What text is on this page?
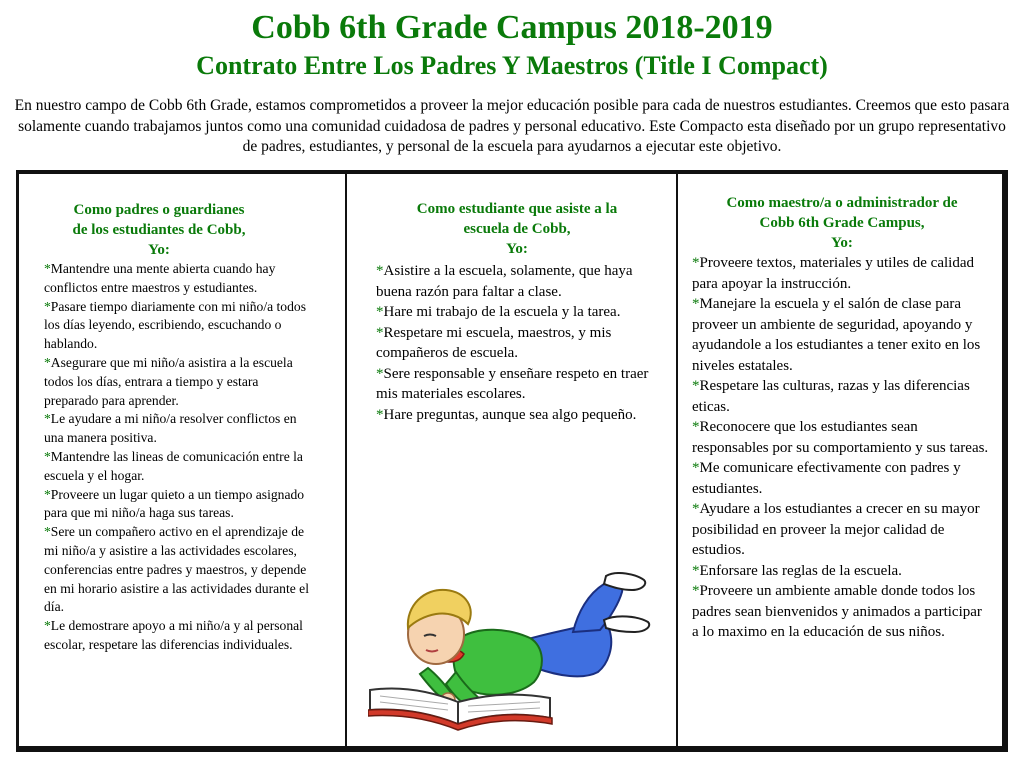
Cobb 6th Grade Campus 2018-2019
Contrato Entre Los Padres Y Maestros (Title I Compact)

En nuestro campo de Cobb 6th Grade, estamos comprometidos a proveer la mejor educación posible para cada de nuestros estudiantes. Creemos que esto pasara solamente cuando trabajamos juntos como una comunidad cuidadosa de padres y personal educativo. Este Compacto esta diseñado por un grupo representativo de padres, estudiantes, y personal de la escuela para ayudarnos a ejecutar este objetivo.

Como padres o guardianes
de los estudiantes de Cobb,
Yo:

*Mantendre una mente abierta cuando hay conflictos entre maestros y estudiantes.

*Pasare tiempo diariamente con mi niño/a todos los días leyendo, escribiendo, escuchando o hablando.

*Asegurare que mi niño/a asistira a la escuela todos los días, entrara a tiempo y estara preparado para aprender.

*Le ayudare a mi niño/a resolver conflictos en una manera positiva.

*Mantendre las lineas de comunicación entre la escuela y el hogar.

*Proveere un lugar quieto a un tiempo asignado para que mi niño/a haga sus tareas.

*Sere un compañero activo en el aprendizaje de mi niño/a y asistire a las actividades escolares, conferencias entre padres y maestros, y depende en mi horario asistire a las actividades durante el día.

*Le demostrare apoyo a mi niño/a y al personal escolar, respetare las diferencias individuales.

Como estudiante que asiste a la
escuela de Cobb,
Yo:

*Asistire a la escuela, solamente, que haya buena razón para faltar a clase.

*Hare mi trabajo de la escuela y la tarea.

*Respetare mi escuela, maestros, y mis compañeros de escuela.

*Sere responsable y enseñare respeto en traer mis materiales escolares.

*Hare preguntas, aunque sea algo pequeño.

Como maestro/a o administrador de
Cobb 6th Grade Campus,
Yo:

*Proveere textos, materiales y utiles de calidad para apoyar la instrucción.

*Manejare la escuela y el salón de clase para proveer un ambiente de seguridad, apoyando y ayudandole a los estudiantes a tener exito en los niveles estatales.

*Respetare las culturas, razas y las diferencias eticas.

*Reconocere que los estudiantes sean responsables por su comportamiento y sus tareas.

*Me comunicare efectivamente con padres y estudiantes.

*Ayudare a los estudiantes a crecer en su mayor posibilidad en proveer la mejor calidad de estudios.

*Enforsare las reglas de la escuela.

*Proveere un ambiente amable donde todos los padres sean bienvenidos y animados a participar a lo maximo en la educación de sus niños.
